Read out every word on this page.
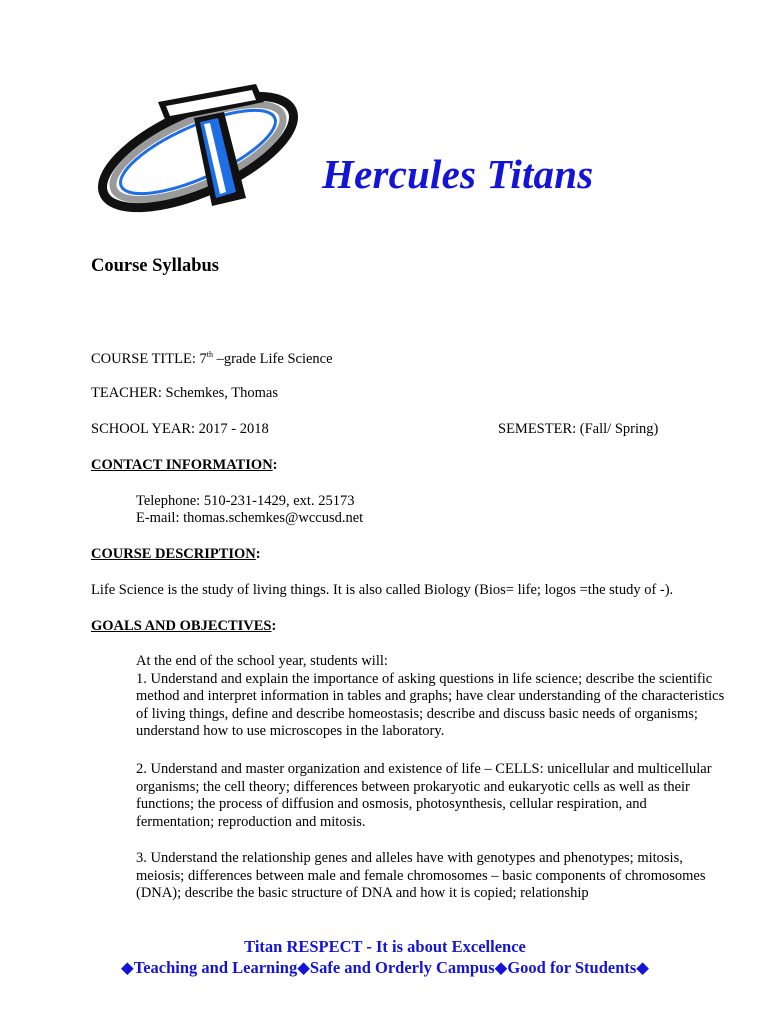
Hercules Titans
Course Syllabus
COURSE TITLE: 7th –grade Life Science
TEACHER: Schemkes, Thomas
SCHOOL YEAR: 2017 - 2018	SEMESTER: (Fall/ Spring)
CONTACT INFORMATION:
Telephone: 510-231-1429, ext. 25173
E-mail: thomas.schemkes@wccusd.net
COURSE DESCRIPTION:
Life Science is the study of living things. It is also called Biology (Bios= life; logos =the study of -).
GOALS AND OBJECTIVES:

At the end of the school year, students will:

1. Understand and explain the importance of asking questions in life science; describe the scientific method and interpret information in tables and graphs; have clear understanding of the characteristics of living things, define and describe homeostasis; describe and discuss basic needs of organisms; understand how to use microscopes in the laboratory.

2. Understand and master organization and existence of life – CELLS: unicellular and multicellular organisms; the cell theory; differences between prokaryotic and eukaryotic cells as well as their functions; the process of diffusion and osmosis, photosynthesis, cellular respiration, and fermentation; reproduction and mitosis.
3. Understand the relationship genes and alleles have with genotypes and phenotypes; mitosis, meiosis; differences between male and female chromosomes – basic components of chromosomes (DNA); describe the basic structure of DNA and how it is copied; relationship
Titan RESPECT - It is about Excellence
◆Teaching and Learning◆Safe and Orderly Campus◆Good for Students◆
